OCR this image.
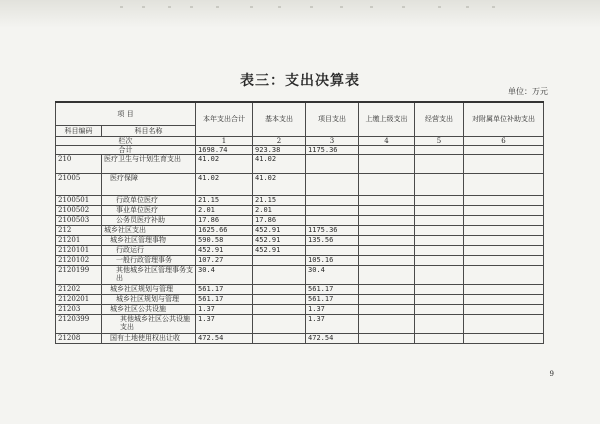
表三：支出决算表
单位：万元
项 目		本年支出合计	基本支出	项目支出	上缴上级支出	经营支出	对附属单位补助支出
科目编码	科目名称						
栏次		1	2	3	4	5	6
合计		1698.74	923.38	1175.36			
210	医疗卫生与计划生育支出	41.02	41.02				
21005	医疗保障	41.02	41.02				
2100501	行政单位医疗	21.15	21.15				
2100502	事业单位医疗	2.01	2.01				
2100503	公务员医疗补助	17.86	17.86				
212	城乡社区支出	1625.66	452.91	1175.36			
21201	城乡社区管理事物	590.58	452.91	135.56			
2120101	行政运行	452.91	452.91				
2120102	一般行政管理事务	107.27		105.16			
2120199	其他城乡社区管理事务支出	30.4		30.4			
21202	城乡社区规划与管理	561.17		561.17			
2120201	城乡社区规划与管理	561.17		561.17			
21203	城乡社区公共设施	1.37		1.37			
2120399	其他城乡社区公共设施支出	1.37		1.37			
21208	国有土地使用权出让收	472.54		472.54			
9
